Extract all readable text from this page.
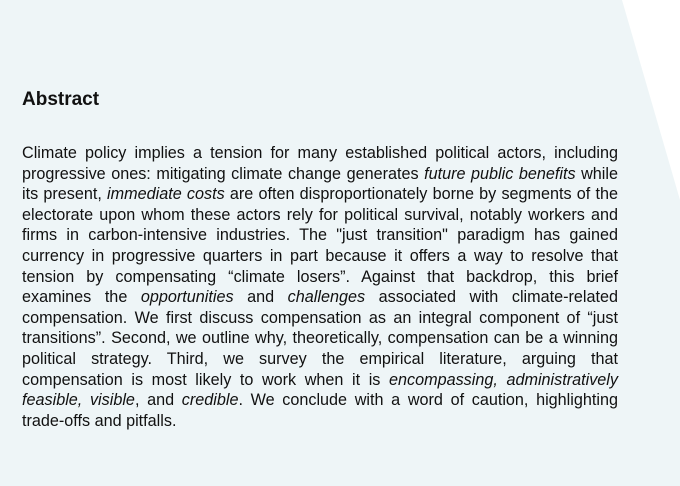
Abstract

Climate policy implies a tension for many established political actors, including progressive ones: mitigating climate change generates future public benefits while its present, immediate costs are often disproportionately borne by segments of the electorate upon whom these actors rely for political survival, notably workers and firms in carbon-intensive industries. The "just transition" paradigm has gained currency in progressive quarters in part because it offers a way to resolve that tension by compensating “climate losers”. Against that backdrop, this brief examines the opportunities and challenges associated with climate-related compensation. We first discuss compensation as an integral component of “just transitions”. Second, we outline why, theoretically, compensation can be a winning political strategy. Third, we survey the empirical literature, arguing that compensation is most likely to work when it is encompassing, administratively feasible, visible, and credible. We conclude with a word of caution, highlighting trade-offs and pitfalls.
